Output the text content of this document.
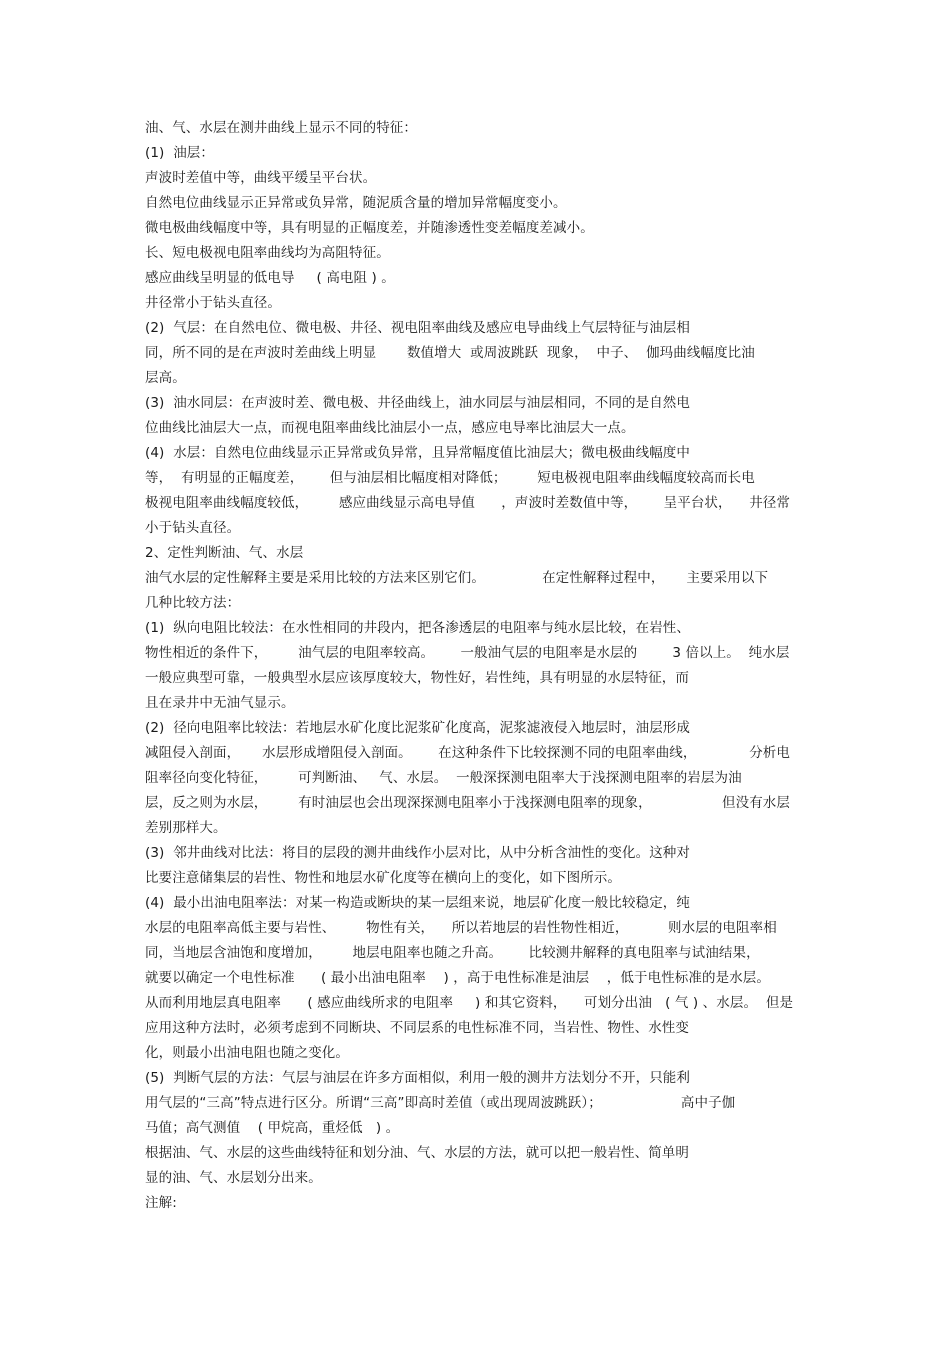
油、气、水层在测井曲线上显示不同的特征：
(1)  油层：
声波时差值中等，曲线平缓呈平台状。
自然电位曲线显示正异常或负异常，随泥质含量的增加异常幅度变小。
微电极曲线幅度中等，具有明显的正幅度差，并随渗透性变差幅度差减小。
长、短电极视电阻率曲线均为高阻特征。
感应曲线呈明显的低电导     ( 高电阻 ) 。
井径常小于钻头直径。
(2)  气层：在自然电位、微电极、井径、视电阻率曲线及感应电导曲线上气层特征与油层相
同，所不同的是在声波时差曲线上明显       数值增大  或周波跳跃  现象，  中子、  伽玛曲线幅度比油
层高。
(3)  油水同层：在声波时差、微电极、井径曲线上，油水同层与油层相同，不同的是自然电
位曲线比油层大一点，而视电阻率曲线比油层小一点，感应电导率比油层大一点。
(4)  水层：自然电位曲线显示正异常或负异常，且异常幅度值比油层大；微电极曲线幅度中
等，  有明显的正幅度差，      但与油层相比幅度相对降低；       短电极视电阻率曲线幅度较高而长电
极视电阻率曲线幅度较低，       感应曲线显示高电导值      ，声波时差数值中等，      呈平台状，    井径常
小于钻头直径。
2、定性判断油、气、水层
油气水层的定性解释主要是采用比较的方法来区别它们。             在定性解释过程中，     主要采用以下
几种比较方法：
(1)  纵向电阻比较法：在水性相同的井段内，把各渗透层的电阻率与纯水层比较，在岩性、
物性相近的条件下，       油气层的电阻率较高。      一般油气层的电阻率是水层的        3 倍以上。  纯水层
一般应典型可靠，一般典型水层应该厚度较大，物性好，岩性纯，具有明显的水层特征，而
且在录井中无油气显示。
(2)  径向电阻率比较法：若地层水矿化度比泥浆矿化度高，泥浆滤液侵入地层时，油层形成
减阻侵入剖面，     水层形成增阻侵入剖面。      在这种条件下比较探测不同的电阻率曲线，            分析电
阻率径向变化特征，       可判断油、   气、水层。  一般深探测电阻率大于浅探测电阻率的岩层为油
层，反之则为水层，       有时油层也会出现深探测电阻率小于浅探测电阻率的现象，                但没有水层
差别那样大。
(3)  邻井曲线对比法：将目的层段的测井曲线作小层对比，从中分析含油性的变化。这种对
比要注意储集层的岩性、物性和地层水矿化度等在横向上的变化，如下图所示。
(4)  最小出油电阻率法：对某一构造或断块的某一层组来说，地层矿化度一般比较稳定，纯
水层的电阻率高低主要与岩性、       物性有关，    所以若地层的岩性物性相近，         则水层的电阻率相
同，当地层含油饱和度增加，       地层电阻率也随之升高。      比较测井解释的真电阻率与试油结果，
就要以确定一个电性标准      ( 最小出油电阻率    ) ，高于电性标准是油层    ，低于电性标准的是水层。
从而利用地层真电阻率      ( 感应曲线所求的电阻率     ) 和其它资料，    可划分出油   ( 气 ) 、水层。  但是
应用这种方法时，必须考虑到不同断块、不同层系的电性标准不同，当岩性、物性、水性变
化，则最小出油电阻也随之变化。
(5)  判断气层的方法：气层与油层在许多方面相似，利用一般的测井方法划分不开，只能利
用气层的“三高”特点进行区分。所谓“三高”即高时差值（或出现周波跳跃）；                  高中子伽
马值；高气测值    ( 甲烷高，重烃低   ) 。
根据油、气、水层的这些曲线特征和划分油、气、水层的方法，就可以把一般岩性、简单明
显的油、气、水层划分出来。
注解:
